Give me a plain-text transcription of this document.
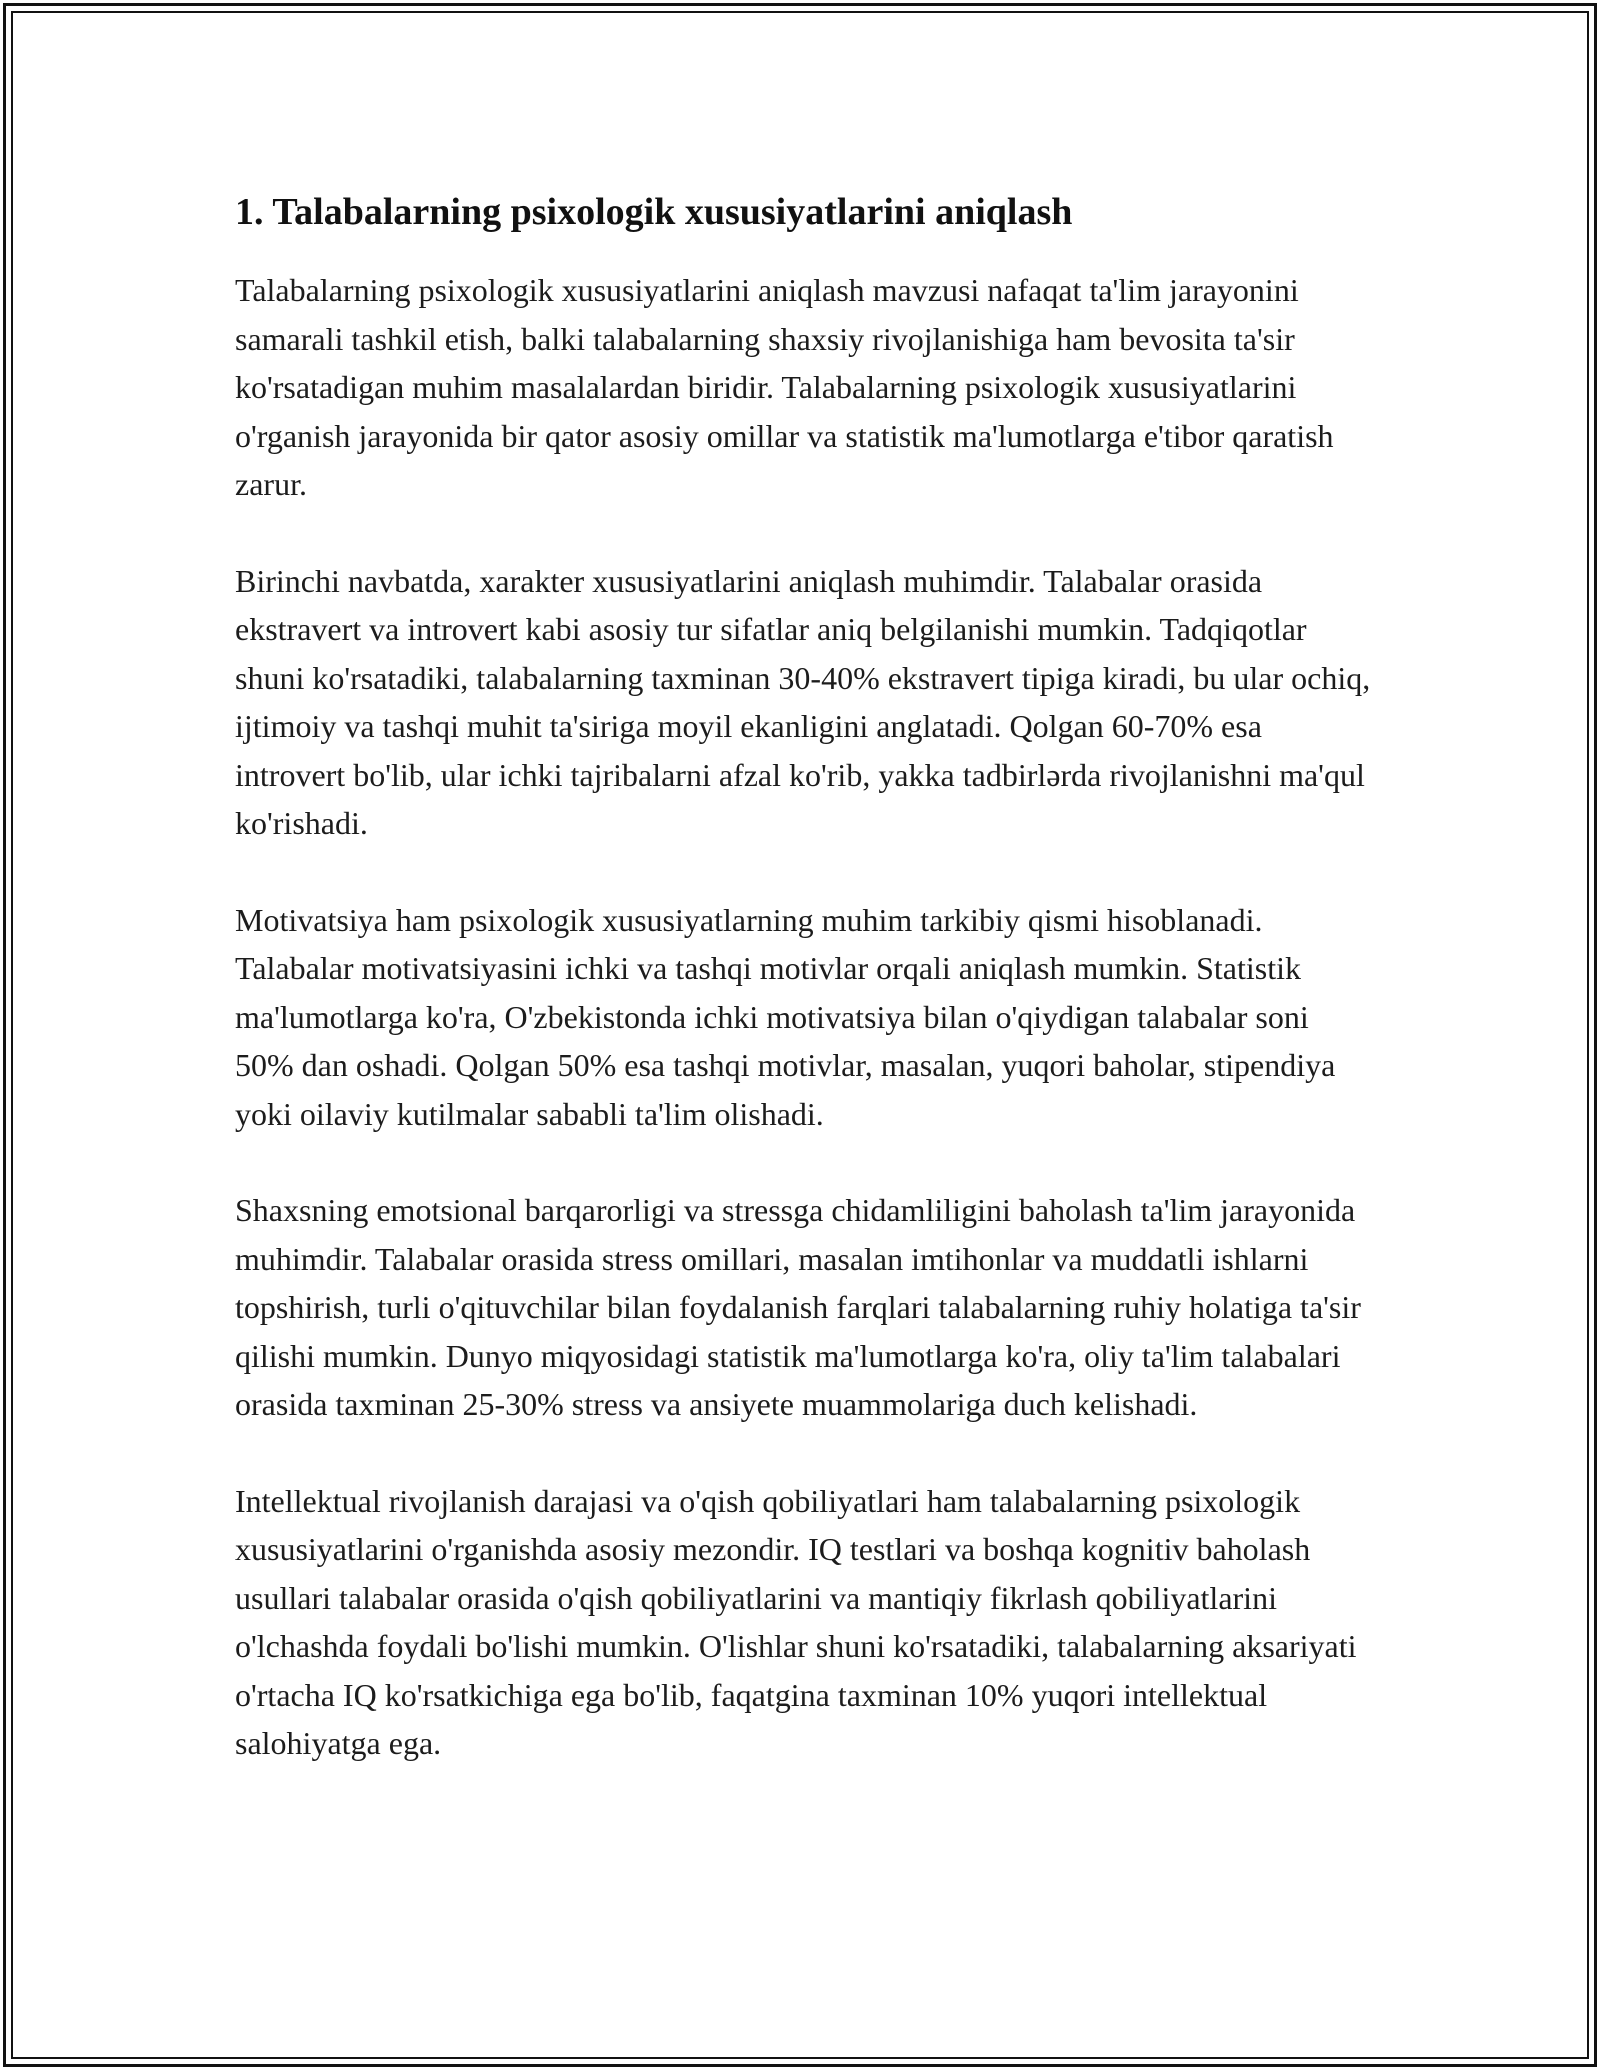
1. Talabalarning psixologik xususiyatlarini aniqlash

Talabalarning psixologik xususiyatlarini aniqlash mavzusi nafaqat ta'lim jarayonini samarali tashkil etish, balki talabalarning shaxsiy rivojlanishiga ham bevosita ta'sir ko'rsatadigan muhim masalalardan biridir. Talabalarning psixologik xususiyatlarini o'rganish jarayonida bir qator asosiy omillar va statistik ma'lumotlarga e'tibor qaratish zarur.

Birinchi navbatda, xarakter xususiyatlarini aniqlash muhimdir. Talabalar orasida ekstravert va introvert kabi asosiy tur sifatlar aniq belgilanishi mumkin. Tadqiqotlar shuni ko'rsatadiki, talabalarning taxminan 30-40% ekstravert tipiga kiradi, bu ular ochiq, ijtimoiy va tashqi muhit ta'siriga moyil ekanligini anglatadi. Qolgan 60-70% esa introvert bo'lib, ular ichki tajribalarni afzal ko'rib, yakka tadbirlərda rivojlanishni ma'qul ko'rishadi.

Motivatsiya ham psixologik xususiyatlarning muhim tarkibiy qismi hisoblanadi. Talabalar motivatsiyasini ichki va tashqi motivlar orqali aniqlash mumkin. Statistik ma'lumotlarga ko'ra, O'zbekistonda ichki motivatsiya bilan o'qiydigan talabalar soni 50% dan oshadi. Qolgan 50% esa tashqi motivlar, masalan, yuqori baholar, stipendiya yoki oilaviy kutilmalar sababli ta'lim olishadi.

Shaxsning emotsional barqarorligi va stressga chidamliligini baholash ta'lim jarayonida muhimdir. Talabalar orasida stress omillari, masalan imtihonlar va muddatli ishlarni topshirish, turli o'qituvchilar bilan foydalanish farqlari talabalarning ruhiy holatiga ta'sir qilishi mumkin. Dunyo miqyosidagi statistik ma'lumotlarga ko'ra, oliy ta'lim talabalari orasida taxminan 25-30% stress va ansiyete muammolariga duch kelishadi.

Intellektual rivojlanish darajasi va o'qish qobiliyatlari ham talabalarning psixologik xususiyatlarini o'rganishda asosiy mezondir. IQ testlari va boshqa kognitiv baholash usullari talabalar orasida o'qish qobiliyatlarini va mantiqiy fikrlash qobiliyatlarini o'lchashda foydali bo'lishi mumkin. O'lishlar shuni ko'rsatadiki, talabalarning aksariyati o'rtacha IQ ko'rsatkichiga ega bo'lib, faqatgina taxminan 10% yuqori intellektual salohiyatga ega.
